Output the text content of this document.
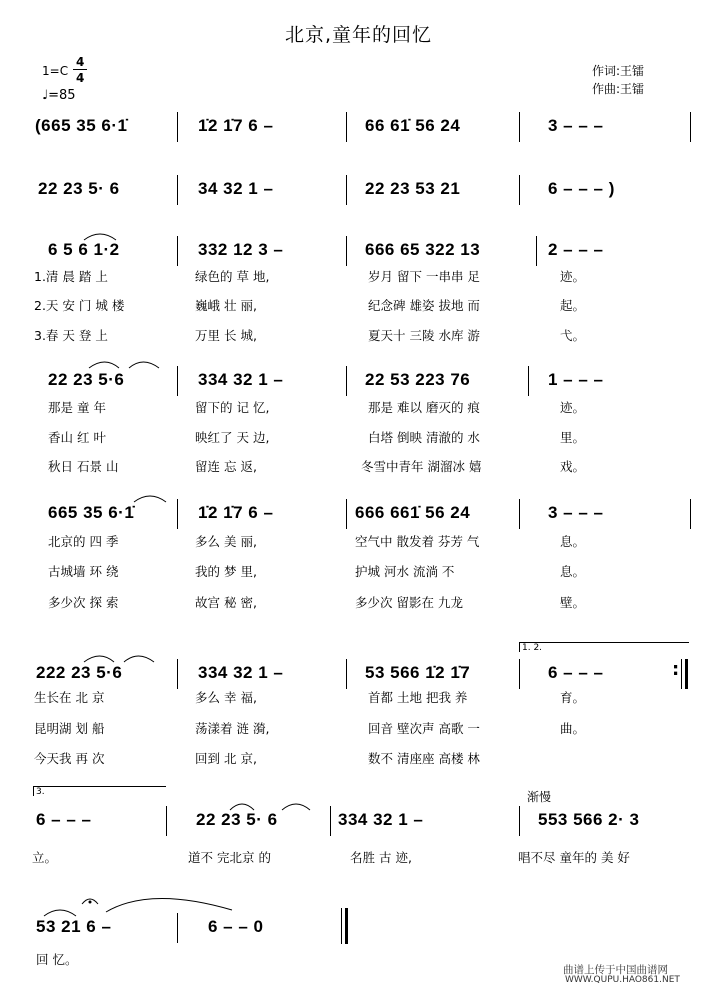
北京,童年的回忆
1=C
4
4
♩=85
作词:王镭
作曲:王镭
(665 35 6·1̇	1̇2 1̇7 6 –	66 61̇ 56 24	3 – – –
22 23 5· 6	34 32 1 –	22 23 53 21	6 – – – )
6 5 6 1·2	332 12 3 –	666 65 322 13	2 – – –
1.清 晨 踏 上	绿色的 草 地,	岁月 留下 一串串 足	迹。
2.天 安 门 城 楼	巍峨 壮 丽,	纪念碑 雄姿 拔地 而	起。
3.春 天 登 上	万里 长 城,	夏天十 三陵 水库 游	弋。
22 23 5·6	334 32 1 –	22 53 223 76	1 – – –
那是 童 年	留下的 记 忆,	那是 难以 磨灭的 痕	迹。
香山 红 叶	映红了 天 边,	白塔 倒映 清澈的 水	里。
秋日 石景 山	留连 忘 返,	冬雪中青年 湖溜冰 嬉	戏。
665 35 6·1̇	1̇2 1̇7 6 –	666 661̇ 56 24	3 – – –
北京的 四 季	多么 美 丽,	空气中 散发着 芬芳 气	息。
古城墙 环 绕	我的 梦 里,	护城 河水 流淌 不	息。
多少次 探 索	故宫 秘 密,	多少次 留影在 九龙	壁。
1. 2.
222 23 5·6	334 32 1 –	53 566 1̇2 1̇7	6 – – –	:
生长在 北 京	多么 幸 福,	首都 土地 把我 养	育。
昆明湖 划 船	荡漾着 涟 漪,	回音 壁次声 高歌 一	曲。
今天我 再 次	回到 北 京,	数不 清座座 高楼 林
3.	渐慢
6 – – –	22 23 5· 6	334 32 1 –	553 566 2· 3
立。	道不 完北京 的	名胜 古 迹,	唱不尽 童年的 美 好
53 21 6 –	6 – – 0
回 忆。
曲谱上传于中国曲谱网
WWW.QUPU.HAO861.NET
